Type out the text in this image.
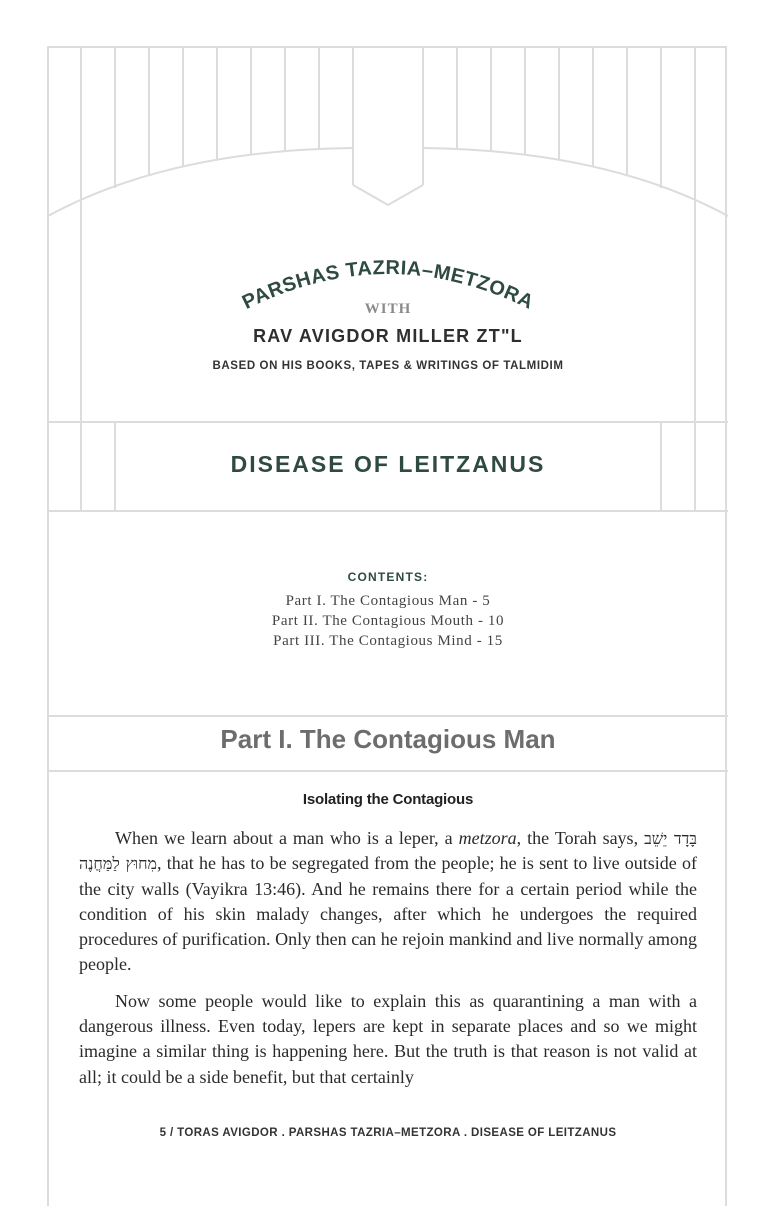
PARSHAS TAZRIA–METZORA
WITH
RAV AVIGDOR MILLER ZT"L
BASED ON HIS BOOKS, TAPES & WRITINGS OF TALMIDIM
DISEASE OF LEITZANUS
CONTENTS:
Part I. The Contagious Man - 5
Part II. The Contagious Mouth - 10
Part III. The Contagious Mind - 15
Part I. The Contagious Man
Isolating the Contagious

When we learn about a man who is a leper, a metzora, the Torah says, בָּדָד יֵשֵׁב מִחוּץ לַמַּחֲנֶה, that he has to be segregated from the people; he is sent to live outside of the city walls (Vayikra 13:46). And he remains there for a certain period while the condition of his skin malady changes, after which he undergoes the required procedures of purification. Only then can he rejoin mankind and live normally among people.

Now some people would like to explain this as quarantining a man with a dangerous illness. Even today, lepers are kept in separate places and so we might imagine a similar thing is happening here. But the truth is that reason is not valid at all; it could be a side benefit, but that certainly

5 / TORAS AVIGDOR . PARSHAS TAZRIA–METZORA . DISEASE OF LEITZANUS
